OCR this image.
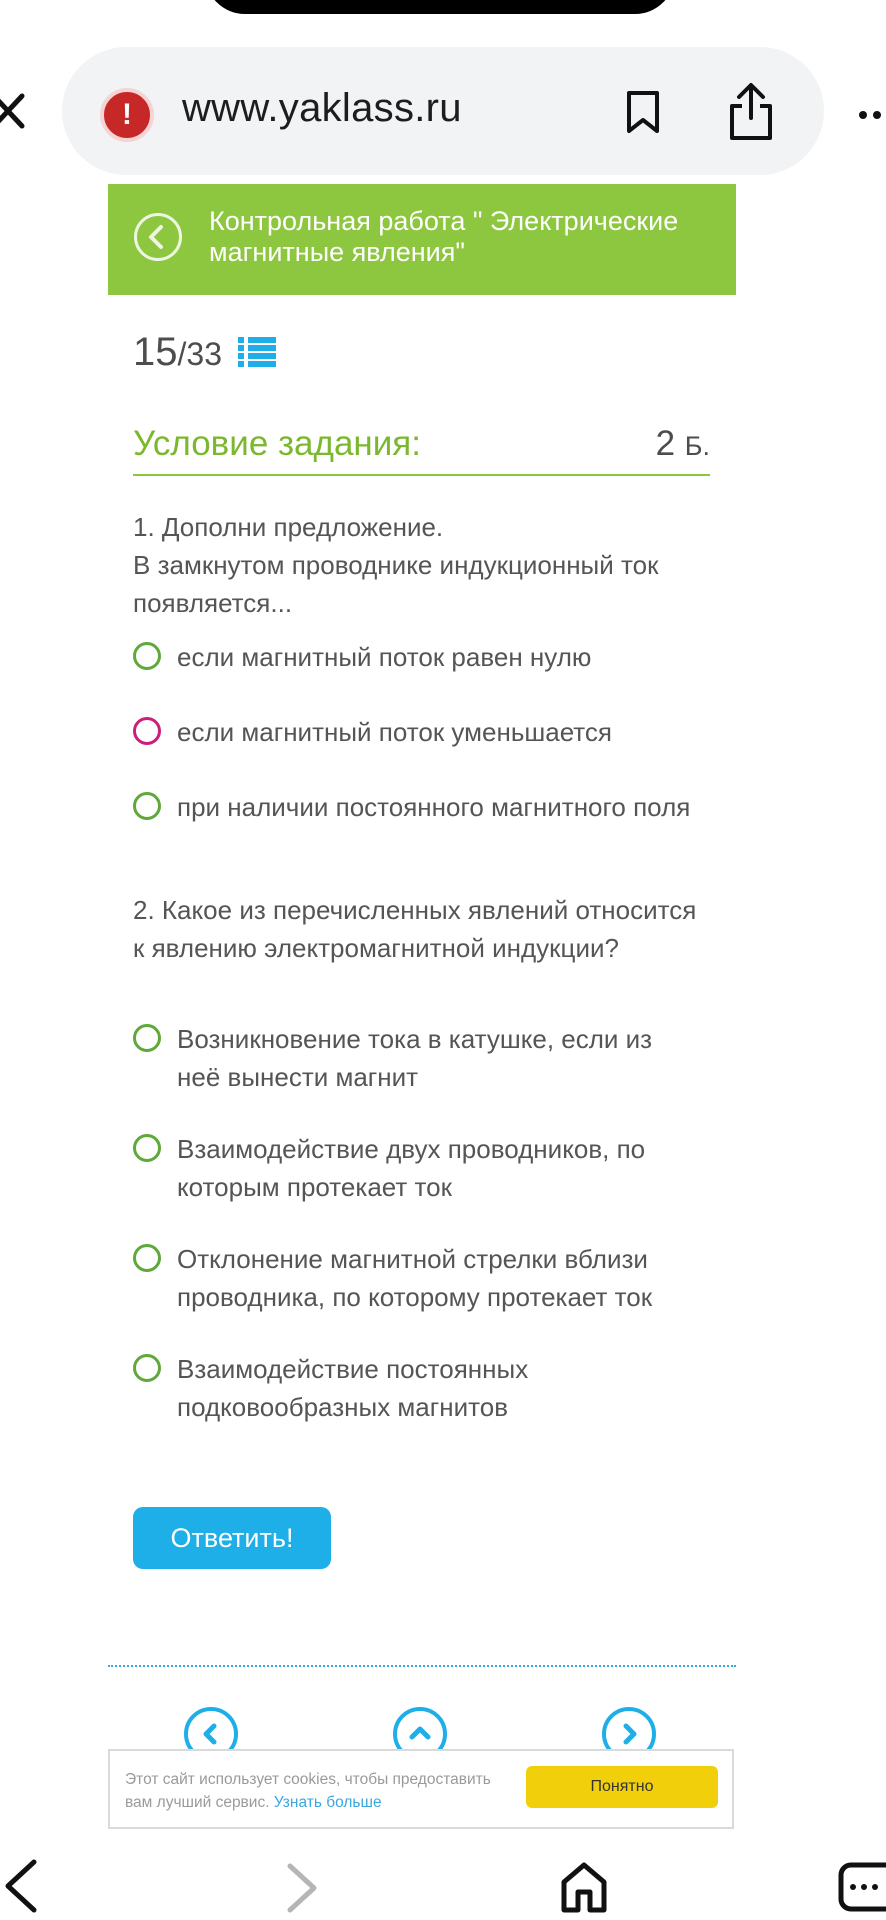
!	www.yaklass.ru
Контрольная работа " Электрические магнитные явления"
15/33
Условие задания:	2 Б.
1. Дополни предложение.
В замкнутом проводнике индукционный ток появляется...
если магнитный поток равен нулю
если магнитный поток уменьшается
при наличии постоянного магнитного поля
2. Какое из перечисленных явлений относится к явлению электромагнитной индукции?
Возникновение тока в катушке, если из неё вынести магнит
Взаимодействие двух проводников, по которым протекает ток
Отклонение магнитной стрелки вблизи проводника, по которому протекает ток
Взаимодействие постоянных подковообразных магнитов
Ответить!
Этот сайт использует cookies, чтобы предоставить вам лучший сервис. Узнать больше
Понятно
